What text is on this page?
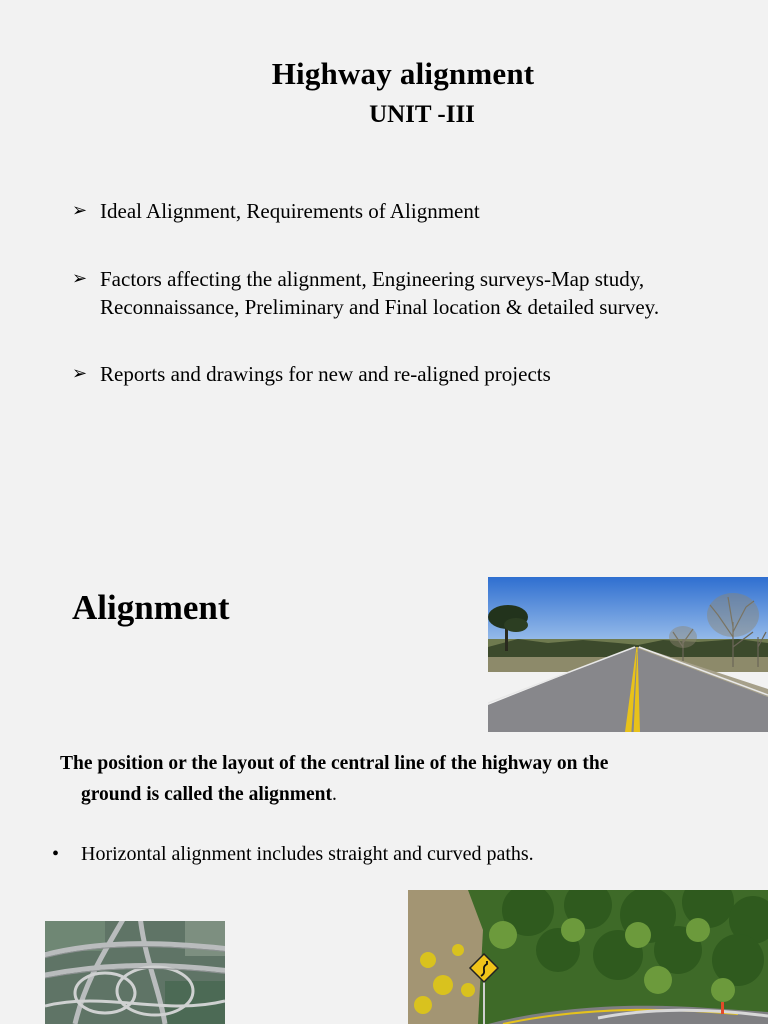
Highway alignment
UNIT -III
➢ Ideal Alignment, Requirements of Alignment
➢ Factors affecting the alignment, Engineering surveys-Map study,
Reconnaissance, Preliminary and Final location & detailed survey.
➢ Reports and drawings for new and re-aligned projects
Alignment
The position or the layout of the central line of the highway on the
ground is called the alignment.
• Horizontal alignment includes straight and curved paths.
